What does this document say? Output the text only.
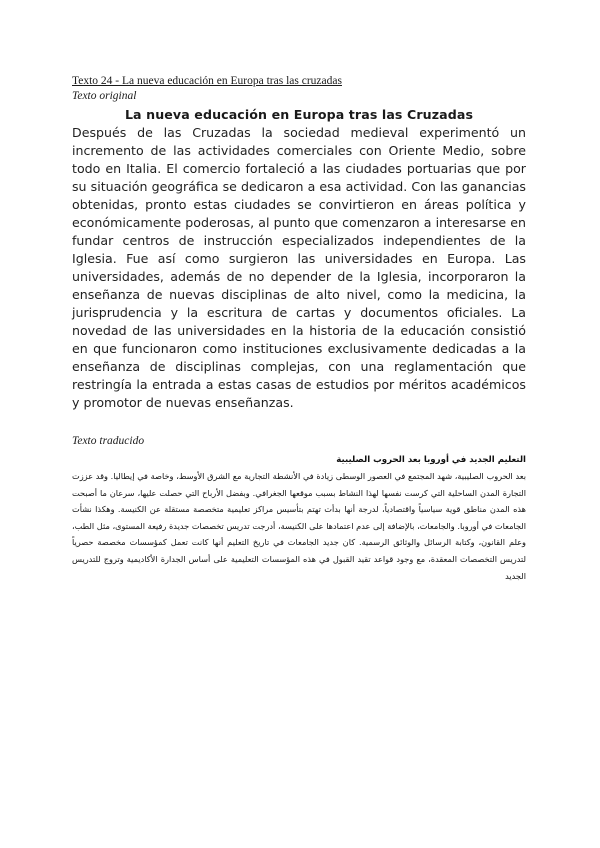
Texto 24 - La nueva educación en Europa tras las cruzadas

Texto original

La nueva educación en Europa tras las Cruzadas

Después de las Cruzadas la sociedad medieval experimentó un incremento de las actividades comerciales con Oriente Medio, sobre todo en Italia. El comercio fortaleció a las ciudades portuarias que por su situación geográfica se dedicaron a esa actividad. Con las ganancias obtenidas, pronto estas ciudades se convirtieron en áreas política y económicamente poderosas, al punto que comenzaron a interesarse en fundar centros de instrucción especializados independientes de la Iglesia. Fue así como surgieron las universidades en Europa. Las universidades, además de no depender de la Iglesia, incorporaron la enseñanza de nuevas disciplinas de alto nivel, como la medicina, la jurisprudencia y la escritura de cartas y documentos oficiales. La novedad de las universidades en la historia de la educación consistió en que funcionaron como instituciones exclusivamente dedicadas a la enseñanza de disciplinas complejas, con una reglamentación que restringía la entrada a estas casas de estudios por méritos académicos y promotor de nuevas enseñanzas.

Texto traducido

التعليم الجديد في أوروبا بعد الحروب الصليبية

بعد الحروب الصليبية، شهد المجتمع في العصور الوسطى زيادة في الأنشطة التجارية مع الشرق الأوسط، وخاصة في إيطاليا. وقد عززت التجارة المدن الساحلية التي كرست نفسها لهذا النشاط بسبب موقعها الجغرافي. وبفضل الأرباح التي حصلت عليها، سرعان ما أصبحت هذه المدن مناطق قوية سياسياً واقتصادياً، لدرجة أنها بدأت تهتم بتأسيس مراكز تعليمية متخصصة مستقلة عن الكنيسة. وهكذا نشأت الجامعات في أوروبا. والجامعات، بالإضافة إلى عدم اعتمادها على الكنيسة، أدرجت تدريس تخصصات جديدة رفيعة المستوى، مثل الطب، وعلم القانون، وكتابة الرسائل والوثائق الرسمية. كان جديد الجامعات في تاريخ التعليم أنها كانت تعمل كمؤسسات مخصصة حصرياً لتدريس التخصصات المعقدة، مع وجود قواعد تقيد القبول في هذه المؤسسات التعليمية على أساس الجدارة الأكاديمية وتروج للتدريس الجديد
